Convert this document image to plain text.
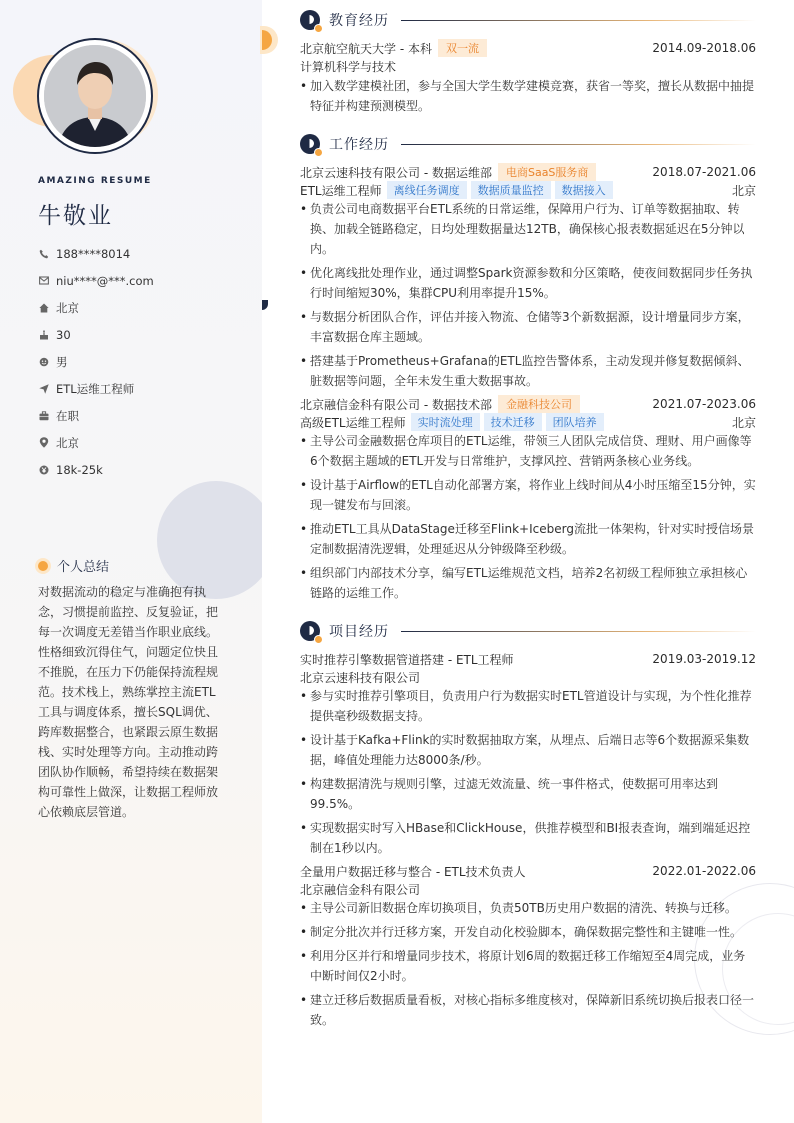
AMAZING RESUME
牛敬业
188****8014
niu****@***.com
北京
30
男
ETL运维工程师
在职
北京
18k-25k
个人总结
对数据流动的稳定与准确抱有执念，习惯提前监控、反复验证，把每一次调度无差错当作职业底线。性格细致沉得住气，问题定位快且不推脱，在压力下仍能保持流程规范。技术栈上，熟练掌控主流ETL工具与调度体系，擅长SQL调优、跨库数据整合，也紧跟云原生数据栈、实时处理等方向。主动推动跨团队协作顺畅，希望持续在数据架构可靠性上做深，让数据工程师放心依赖底层管道。
教育经历
北京航空航天大学 - 本科	双一流	2014.09-2018.06
计算机科学与技术
• 加入数学建模社团，参与全国大学生数学建模竞赛，获省一等奖，擅长从数据中抽提特征并构建预测模型。
工作经历
北京云速科技有限公司 - 数据运维部	电商SaaS服务商	2018.07-2021.06
ETL运维工程师	离线任务调度	数据质量监控	数据接入	北京
• 负责公司电商数据平台ETL系统的日常运维，保障用户行为、订单等数据抽取、转换、加载全链路稳定，日均处理数据量达12TB，确保核心报表数据延迟在5分钟以内。
• 优化离线批处理作业，通过调整Spark资源参数和分区策略，使夜间数据同步任务执行时间缩短30%，集群CPU利用率提升15%。
• 与数据分析团队合作，评估并接入物流、仓储等3个新数据源，设计增量同步方案，丰富数据仓库主题域。
• 搭建基于Prometheus+Grafana的ETL监控告警体系，主动发现并修复数据倾斜、脏数据等问题，全年未发生重大数据事故。
北京融信金科有限公司 - 数据技术部	金融科技公司	2021.07-2023.06
高级ETL运维工程师	实时流处理	技术迁移	团队培养	北京
• 主导公司金融数据仓库项目的ETL运维，带领三人团队完成信贷、理财、用户画像等6个数据主题域的ETL开发与日常维护，支撑风控、营销两条核心业务线。
• 设计基于Airflow的ETL自动化部署方案，将作业上线时间从4小时压缩至15分钟，实现一键发布与回滚。
• 推动ETL工具从DataStage迁移至Flink+Iceberg流批一体架构，针对实时授信场景定制数据清洗逻辑，处理延迟从分钟级降至秒级。
• 组织部门内部技术分享，编写ETL运维规范文档，培养2名初级工程师独立承担核心链路的运维工作。
项目经历
实时推荐引擎数据管道搭建 - ETL工程师	2019.03-2019.12
北京云速科技有限公司
• 参与实时推荐引擎项目，负责用户行为数据实时ETL管道设计与实现，为个性化推荐提供毫秒级数据支持。
• 设计基于Kafka+Flink的实时数据抽取方案，从埋点、后端日志等6个数据源采集数据，峰值处理能力达8000条/秒。
• 构建数据清洗与规则引擎，过滤无效流量、统一事件格式，使数据可用率达到99.5%。
• 实现数据实时写入HBase和ClickHouse，供推荐模型和BI报表查询，端到端延迟控制在1秒以内。
全量用户数据迁移与整合 - ETL技术负责人	2022.01-2022.06
北京融信金科有限公司
• 主导公司新旧数据仓库切换项目，负责50TB历史用户数据的清洗、转换与迁移。
• 制定分批次并行迁移方案，开发自动化校验脚本，确保数据完整性和主键唯一性。
• 利用分区并行和增量同步技术，将原计划6周的数据迁移工作缩短至4周完成，业务中断时间仅2小时。
• 建立迁移后数据质量看板，对核心指标多维度核对，保障新旧系统切换后报表口径一致。
